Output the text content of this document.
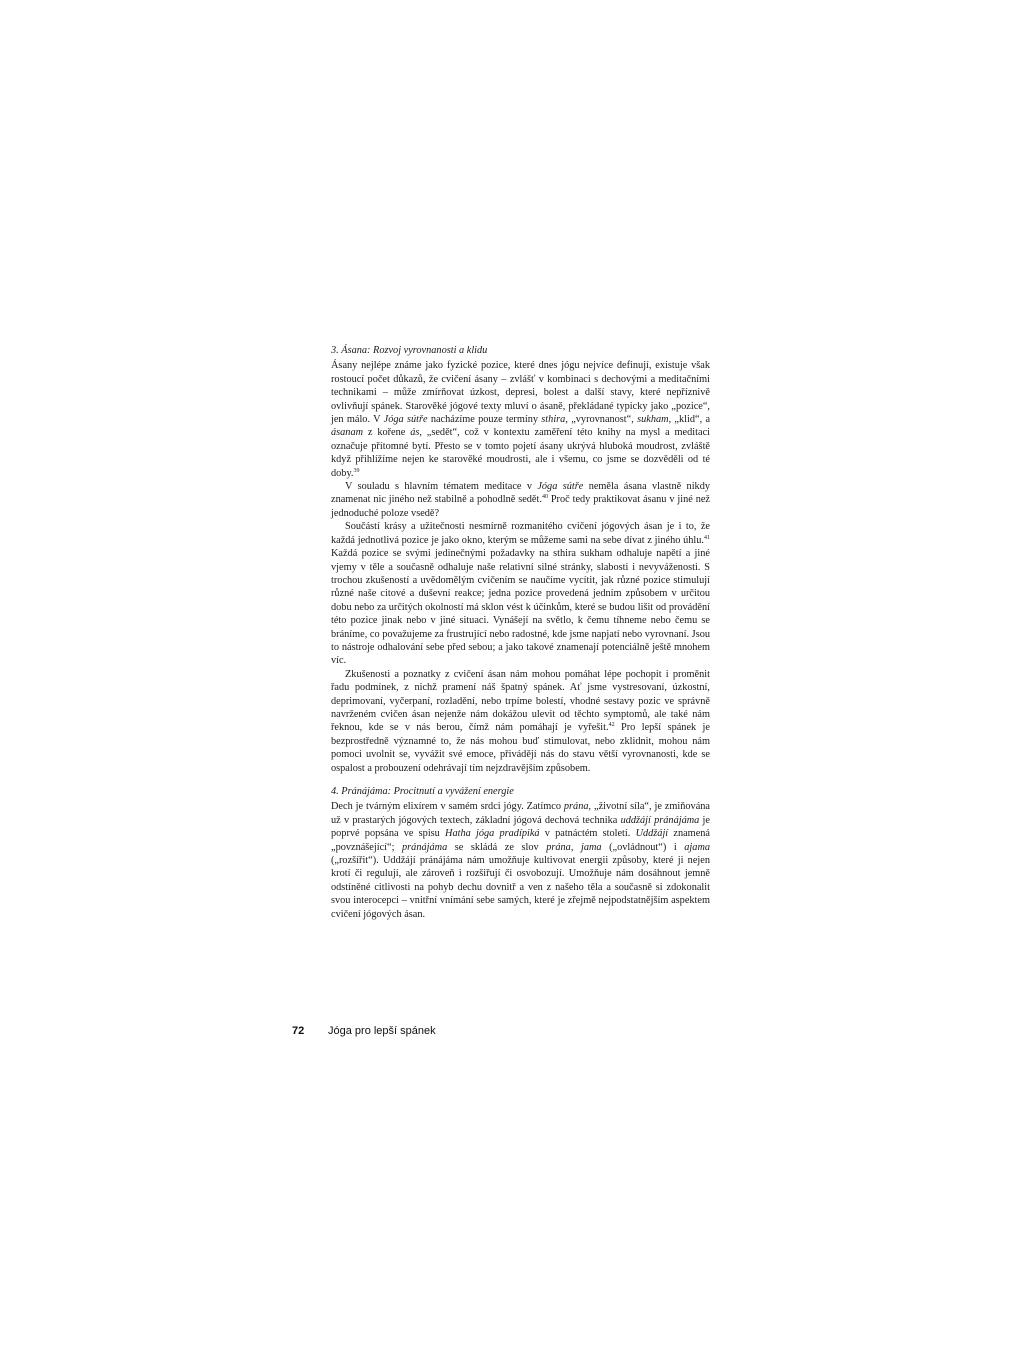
3. Ásana: Rozvoj vyrovnanosti a klidu

Ásany nejlépe známe jako fyzické pozice, které dnes jógu nejvíce definují, existuje však rostoucí počet důkazů, že cvičení ásany – zvlášť v kombinaci s dechovými a meditačními technikami – může zmírňovat úzkost, depresi, bolest a další stavy, které nepříznivě ovlivňují spánek. Starověké jógové texty mluví o ásaně, překládané typicky jako „pozice“, jen málo. V Jóga sútře nacházíme pouze termíny sthira, „vyrovnanost“, sukham, „klid“, a ásanam z kořene ás, „sedět“, což v kontextu zaměření této knihy na mysl a meditaci označuje přítomné bytí. Přesto se v tomto pojetí ásany ukrývá hluboká moudrost, zvláště když přihlížíme nejen ke starověké moudrosti, ale i všemu, co jsme se dozvěděli od té doby.$^{39}$

V souladu s hlavním tématem meditace v Jóga sútře neměla ásana vlastně nikdy znamenat nic jiného než stabilně a pohodlně sedět.$^{40}$ Proč tedy praktikovat ásanu v jiné než jednoduché poloze vsedě?

Součástí krásy a užitečnosti nesmírně rozmanitého cvičení jógových ásan je i to, že každá jednotlivá pozice je jako okno, kterým se můžeme sami na sebe dívat z jiného úhlu.$^{41}$ Každá pozice se svými jedinečnými požadavky na sthira sukham odhaluje napětí a jiné vjemy v těle a současně odhaluje naše relativní silné stránky, slabosti i nevyváženosti. S trochou zkušeností a uvědomělým cvičením se naučíme vycítit, jak různé pozice stimulují různé naše citové a duševní reakce; jedna pozice provedená jedním způsobem v určitou dobu nebo za určitých okolností má sklon vést k účinkům, které se budou lišit od provádění této pozice jinak nebo v jiné situaci. Vynášejí na světlo, k čemu tíhneme nebo čemu se bráníme, co považujeme za frustrující nebo radostné, kde jsme napjatí nebo vyrovnaní. Jsou to nástroje odhalování sebe před sebou; a jako takové znamenají potenciálně ještě mnohem víc.

Zkušenosti a poznatky z cvičení ásan nám mohou pomáhat lépe pochopit i proměnit řadu podmínek, z nichž pramení náš špatný spánek. Ať jsme vystresovaní, úzkostní, deprimovaní, vyčerpaní, rozladění, nebo trpíme bolestí, vhodné sestavy pozic ve správně navrženém cvičen ásan nejenže nám dokážou ulevit od těchto symptomů, ale také nám řeknou, kde se v nás berou, čímž nám pomáhají je vyřešit.$^{42}$ Pro lepší spánek je bezprostředně významné to, že nás mohou buď stimulovat, nebo zklidnit, mohou nám pomoci uvolnit se, vyvážit své emoce, přivádějí nás do stavu větší vyrovnanosti, kde se ospalost a probouzení odehrávají tím nejzdravějším způsobem.

4. Pránájáma: Procitnutí a vyvážení energie

Dech je tvárným elixírem v samém srdci jógy. Zatímco prána, „životní síla“, je zmiňována už v prastarých jógových textech, základní jógová dechová technika uddžájí pránájáma je poprvé popsána ve spisu Hatha jóga pradípiká v patnáctém století. Uddžájí znamená „povznášející“; pránájáma se skládá ze slov prána, jama („ovládnout“) i ajama („rozšířit“). Uddžájí pránájáma nám umožňuje kultivovat energii způsoby, které ji nejen krotí či regulují, ale zároveň i rozšiřují či osvobozují. Umožňuje nám dosáhnout jemně odstíněné citlivosti na pohyb dechu dovnitř a ven z našeho těla a současně si zdokonalit svou interocepci – vnitřní vnímání sebe samých, které je zřejmě nejpodstatnějším aspektem cvičení jógových ásan.

72 Jóga pro lepší spánek
